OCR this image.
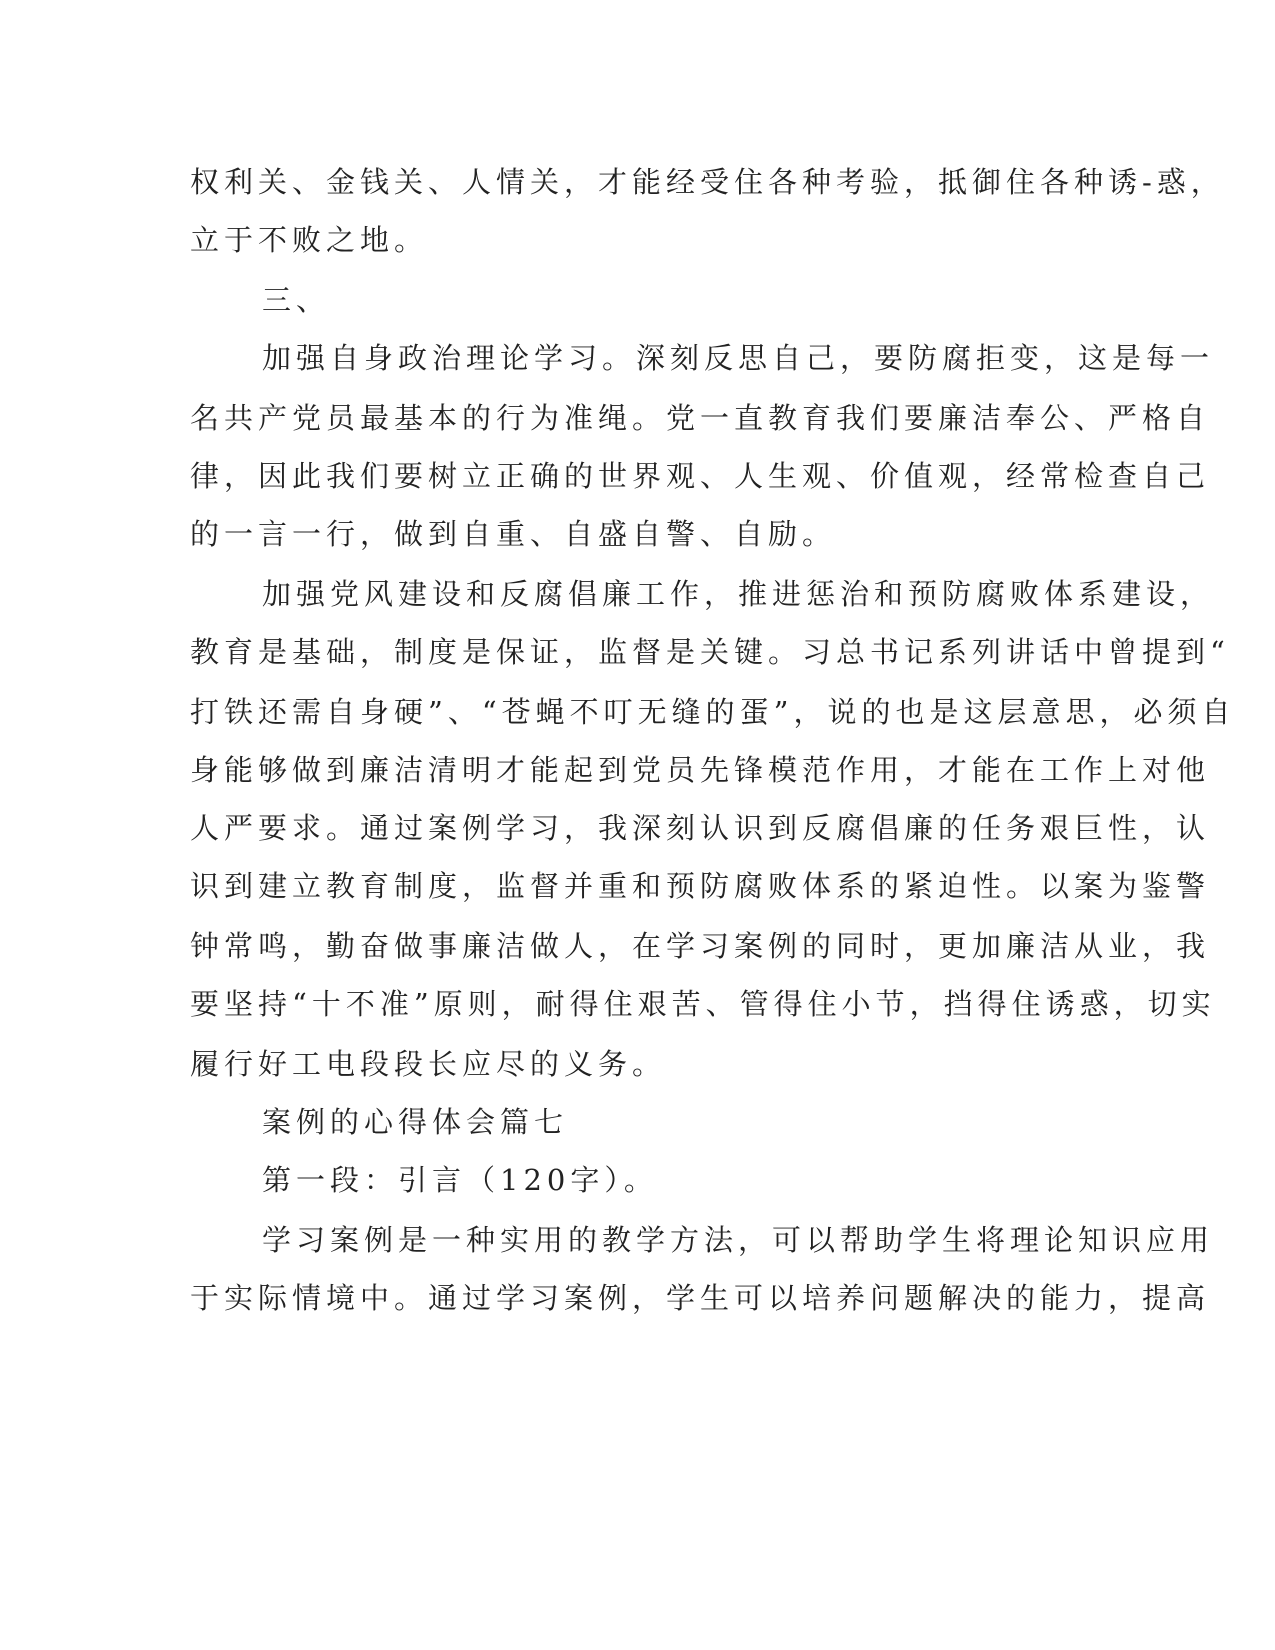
权利关、金钱关、人情关，才能经受住各种考验，抵御住各种诱-惑，
立于不败之地。
三、
加强自身政治理论学习。深刻反思自己，要防腐拒变，这是每一
名共产党员最基本的行为准绳。党一直教育我们要廉洁奉公、严格自
律，因此我们要树立正确的世界观、人生观、价值观，经常检查自己
的一言一行，做到自重、自盛自警、自励。
加强党风建设和反腐倡廉工作，推进惩治和预防腐败体系建设，
教育是基础，制度是保证，监督是关键。习总书记系列讲话中曾提到“
打铁还需自身硬”、“苍蝇不叮无缝的蛋”，说的也是这层意思，必须自
身能够做到廉洁清明才能起到党员先锋模范作用，才能在工作上对他
人严要求。通过案例学习，我深刻认识到反腐倡廉的任务艰巨性，认
识到建立教育制度，监督并重和预防腐败体系的紧迫性。以案为鉴警
钟常鸣，勤奋做事廉洁做人，在学习案例的同时，更加廉洁从业，我
要坚持“十不准”原则，耐得住艰苦、管得住小节，挡得住诱惑，切实
履行好工电段段长应尽的义务。
案例的心得体会篇七
第一段：引言（120字）。
学习案例是一种实用的教学方法，可以帮助学生将理论知识应用
于实际情境中。通过学习案例，学生可以培养问题解决的能力，提高
